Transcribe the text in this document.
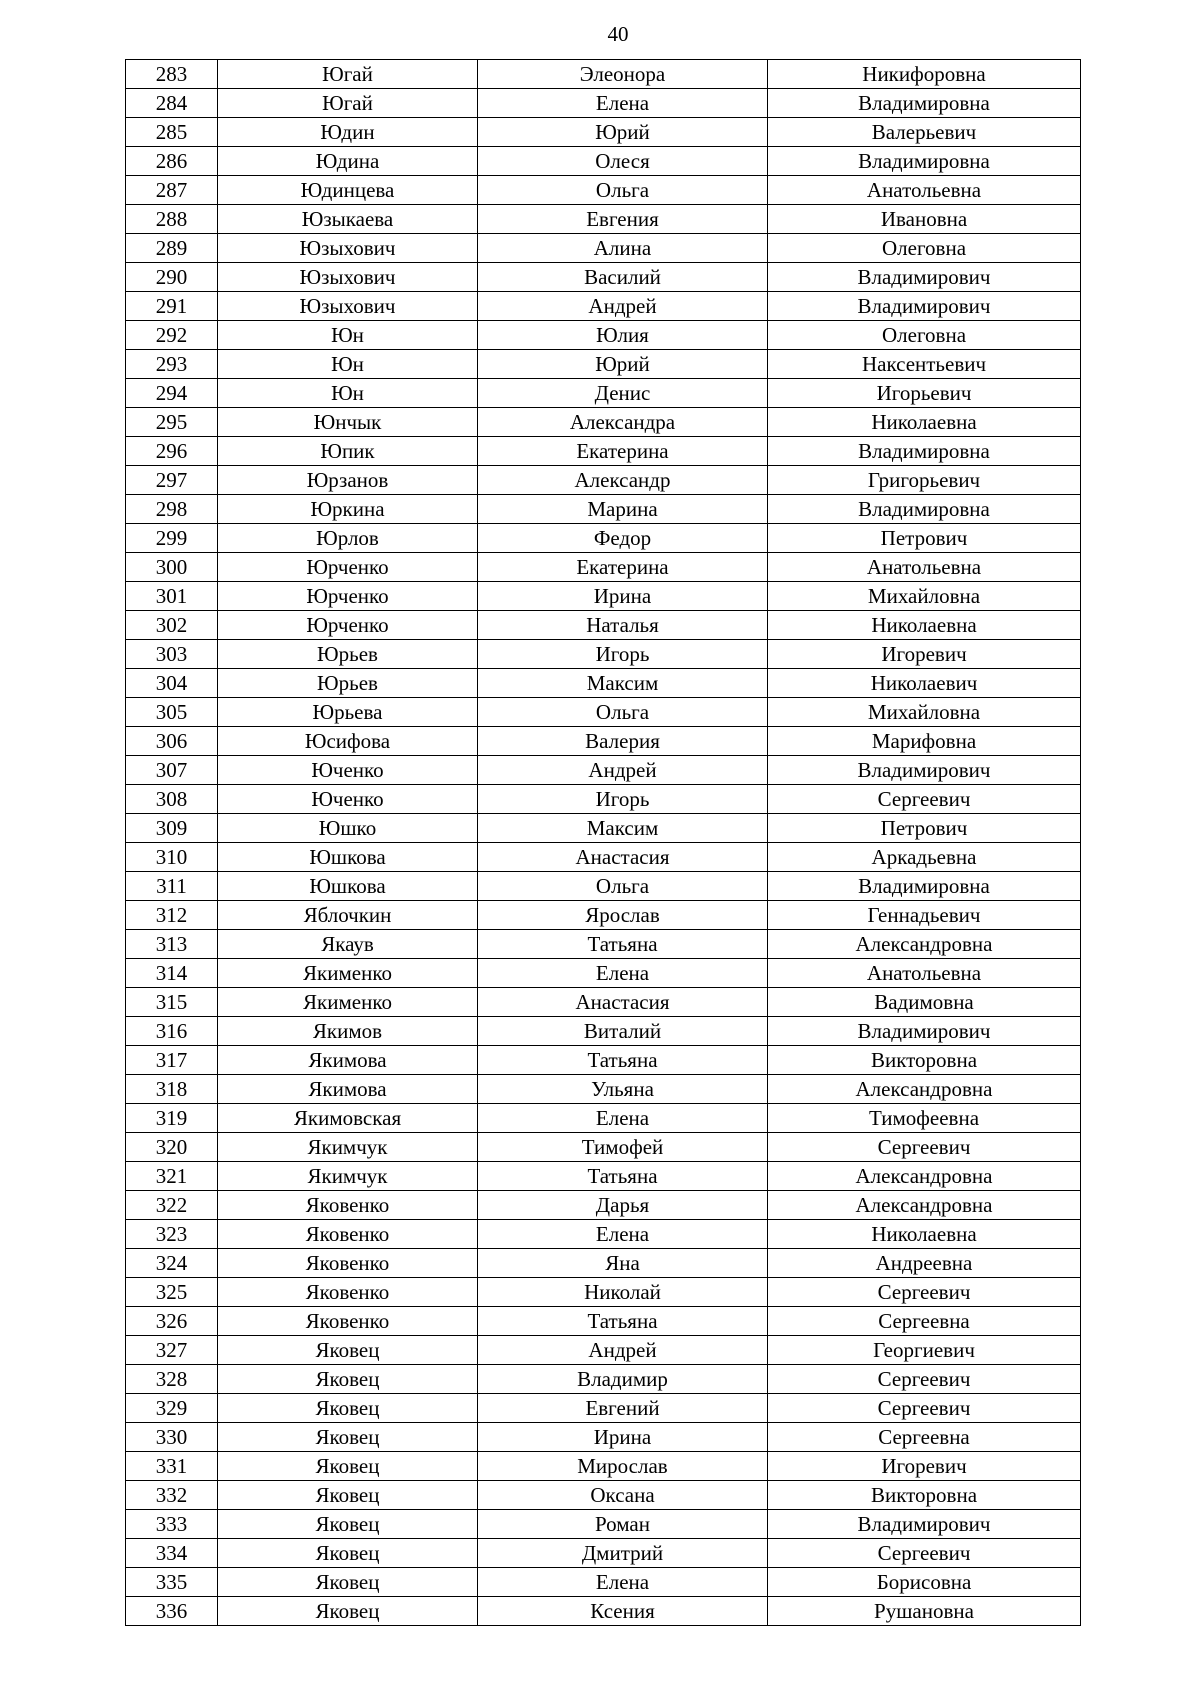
40
283	Югай	Элеонора	Никифоровна
284	Югай	Елена	Владимировна
285	Юдин	Юрий	Валерьевич
286	Юдина	Олеся	Владимировна
287	Юдинцева	Ольга	Анатольевна
288	Юзыкаева	Евгения	Ивановна
289	Юзыхович	Алина	Олеговна
290	Юзыхович	Василий	Владимирович
291	Юзыхович	Андрей	Владимирович
292	Юн	Юлия	Олеговна
293	Юн	Юрий	Наксентьевич
294	Юн	Денис	Игорьевич
295	Юнчык	Александра	Николаевна
296	Юпик	Екатерина	Владимировна
297	Юрзанов	Александр	Григорьевич
298	Юркина	Марина	Владимировна
299	Юрлов	Федор	Петрович
300	Юрченко	Екатерина	Анатольевна
301	Юрченко	Ирина	Михайловна
302	Юрченко	Наталья	Николаевна
303	Юрьев	Игорь	Игоревич
304	Юрьев	Максим	Николаевич
305	Юрьева	Ольга	Михайловна
306	Юсифова	Валерия	Марифовна
307	Юченко	Андрей	Владимирович
308	Юченко	Игорь	Сергеевич
309	Юшко	Максим	Петрович
310	Юшкова	Анастасия	Аркадьевна
311	Юшкова	Ольга	Владимировна
312	Яблочкин	Ярослав	Геннадьевич
313	Якаув	Татьяна	Александровна
314	Якименко	Елена	Анатольевна
315	Якименко	Анастасия	Вадимовна
316	Якимов	Виталий	Владимирович
317	Якимова	Татьяна	Викторовна
318	Якимова	Ульяна	Александровна
319	Якимовская	Елена	Тимофеевна
320	Якимчук	Тимофей	Сергеевич
321	Якимчук	Татьяна	Александровна
322	Яковенко	Дарья	Александровна
323	Яковенко	Елена	Николаевна
324	Яковенко	Яна	Андреевна
325	Яковенко	Николай	Сергеевич
326	Яковенко	Татьяна	Сергеевна
327	Яковец	Андрей	Георгиевич
328	Яковец	Владимир	Сергеевич
329	Яковец	Евгений	Сергеевич
330	Яковец	Ирина	Сергеевна
331	Яковец	Мирослав	Игоревич
332	Яковец	Оксана	Викторовна
333	Яковец	Роман	Владимирович
334	Яковец	Дмитрий	Сергеевич
335	Яковец	Елена	Борисовна
336	Яковец	Ксения	Рушановна
